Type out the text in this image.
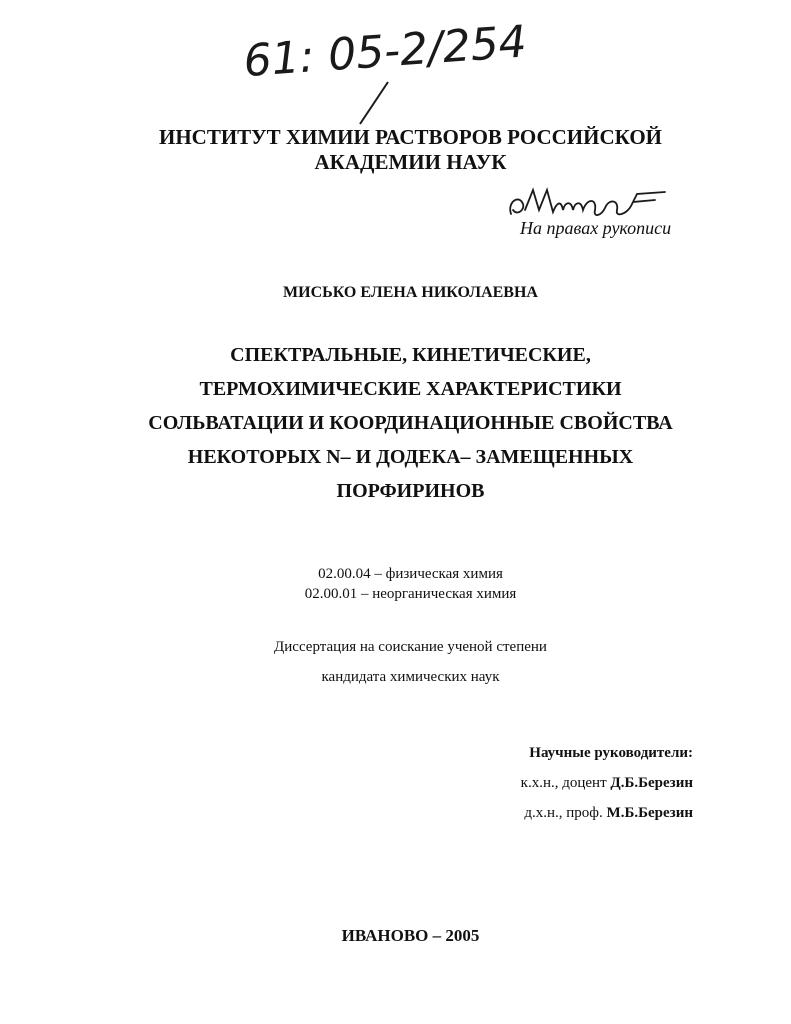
61: 05-2/254
ИНСТИТУТ ХИМИИ РАСТВОРОВ РОССИЙСКОЙ
АКАДЕМИИ НАУК
На правах рукописи
МИСЬКО ЕЛЕНА НИКОЛАЕВНА
СПЕКТРАЛЬНЫЕ, КИНЕТИЧЕСКИЕ,
ТЕРМОХИМИЧЕСКИЕ ХАРАКТЕРИСТИКИ
СОЛЬВАТАЦИИ И КООРДИНАЦИОННЫЕ СВОЙСТВА
НЕКОТОРЫХ N– И ДОДЕКА– ЗАМЕЩЕННЫХ
ПОРФИРИНОВ
02.00.04 – физическая химия
02.00.01 – неорганическая химия
Диссертация на соискание ученой степени
кандидата химических наук
Научные руководители:
к.х.н., доцент Д.Б.Березин
д.х.н., проф. М.Б.Березин
ИВАНОВО – 2005
